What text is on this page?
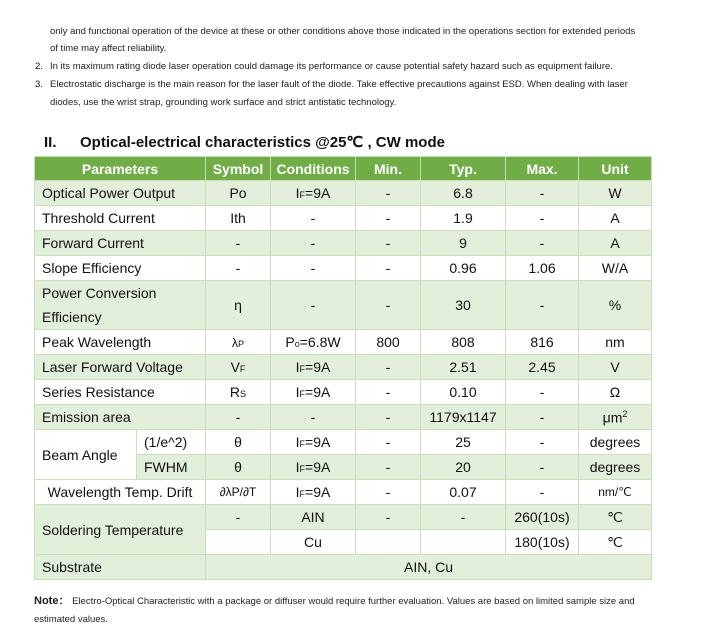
only and functional operation of the device at these or other conditions above those indicated in the operations section for extended periods
of time may affect reliability.
2. In its maximum rating diode laser operation could damage its performance or cause potential safety hazard such as equipment failure.
3. Electrostatic discharge is the main reason for the laser fault of the diode. Take effective precautions against ESD. When dealing with laser
diodes, use the wrist strap, grounding work surface and strict antistatic technology.
II. Optical-electrical characteristics @25℃ , CW mode
Parameters		Symbol	Conditions	Min.	Typ.	Max.	Unit
Optical Power Output		Po	IF=9A	-	6.8	-	W
Threshold Current		Ith	-	-	1.9	-	A
Forward Current		-	-	-	9	-	A
Slope Efficiency		-	-	-	0.96	1.06	W/A
Power Conversion
Efficiency		η	-	-	30	-	%
Peak Wavelength		λP	Po=6.8W	800	808	816	nm
Laser Forward Voltage		VF	IF=9A	-	2.51	2.45	V
Series Resistance		RS	IF=9A	-	0.10	-	Ω
Emission area		-	-	-	1179x1147	-	$\mu m^2$
Beam Angle	(1/e^2)	θ	IF=9A	-	25	-	degrees
	FWHM	θ	IF=9A	-	20	-	degrees
Wavelength Temp. Drift		∂λP/∂T	IF=9A	-	0.07	-	nm/℃
Soldering Temperature		-	AIN	-	-	260(10s)	℃
			Cu			180(10s)	℃
Substrate		AIN, Cu					
Note： Electro-Optical Characteristic with a package or diffuser would require further evaluation. Values are based on limited sample size and
estimated values.
